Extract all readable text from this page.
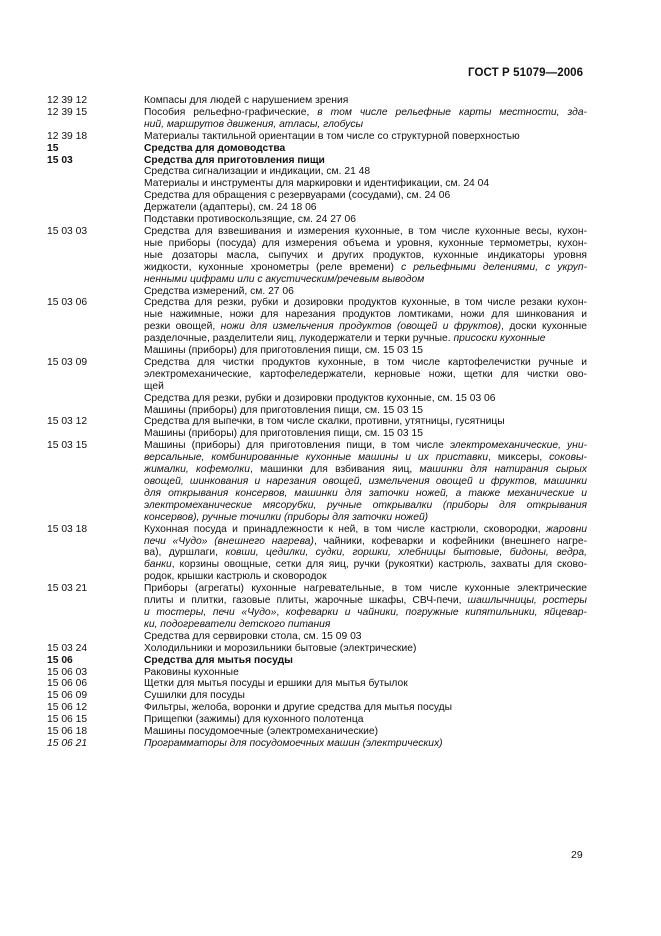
ГОСТ Р 51079—2006
12 39 12	Компасы для людей с нарушением зрения
12 39 15	Пособия рельефно-графические, в том числе рельефные карты местности, зда-
ний, маршрутов движения, атласы, глобусы
12 39 18	Материалы тактильной ориентации в том числе со структурной поверхностью
15	Средства для домоводства
15 03	Средства для приготовления пищи
Средства сигнализации и индикации, см. 21 48
Материалы и инструменты для маркировки и идентификации, см. 24 04
Средства для обращения с резервуарами (сосудами), см. 24 06
Держатели (адаптеры), см. 24 18 06
Подставки противоскользящие, см. 24 27 06
15 03 03	Средства для взвешивания и измерения кухонные, в том числе кухонные весы, кухон-
ные приборы (посуда) для измерения объема и уровня, кухонные термометры, кухон-
ные дозаторы масла, сыпучих и других продуктов, кухонные индикаторы уровня
жидкости, кухонные хронометры (реле времени) с рельефными делениями, с укруп-
ненными цифрами или с акустическим/речевым выводом
Средства измерений, см. 27 06
15 03 06	Средства для резки, рубки и дозировки продуктов кухонные, в том числе резаки кухон-
ные нажимные, ножи для нарезания продуктов ломтиками, ножи для шинкования и
резки овощей, ножи для измельчения продуктов (овощей и фруктов), доски кухонные
разделочные, разделители яиц, лукодержатели и терки ручные. присоски кухонные
Машины (приборы) для приготовления пищи, см. 15 03 15
15 03 09	Средства для чистки продуктов кухонные, в том числе картофелечистки ручные и
электромеханические, картофеледержатели, керновые ножи, щетки для чистки ово-
щей
Средства для резки, рубки и дозировки продуктов кухонные, см. 15 03 06
Машины (приборы) для приготовления пищи, см. 15 03 15
15 03 12	Средства для выпечки, в том числе скалки, противни, утятницы, гусятницы
Машины (приборы) для приготовления пищи, см. 15 03 15
15 03 15	Машины (приборы) для приготовления пищи, в том числе электромеханические, уни-
версальные, комбинированные кухонные машины и их приставки, миксеры, соковы-
жималки, кофемолки, машинки для взбивания яиц, машинки для натирания сырых
овощей, шинкования и нарезания овощей, измельчения овощей и фруктов, машинки
для открывания консервов, машинки для заточки ножей, а также механические и
электромеханические мясорубки, ручные открывалки (приборы для открывания
консервов), ручные точилки (приборы для заточки ножей)
15 03 18	Кухонная посуда и принадлежности к ней, в том числе кастрюли, сковородки, жаровни
печи «Чудо» (внешнего нагрева), чайники, кофеварки и кофейники (внешнего нагре-
ва), дуршлаги, ковши, цедилки, судки, горшки, хлебницы бытовые, бидоны, ведра,
банки, корзины овощные, сетки для яиц, ручки (рукоятки) кастрюль, захваты для сково-
родок, крышки кастрюль и сковородок
15 03 21	Приборы (агрегаты) кухонные нагревательные, в том числе кухонные электрические
плиты и плитки, газовые плиты, жарочные шкафы, СВЧ-печи, шашлычницы, ростеры
и тостеры, печи «Чудо», кофеварки и чайники, погружные кипятильники, яйцевар-
ки, подогреватели детского питания
Средства для сервировки стола, см. 15 09 03
15 03 24	Холодильники и морозильники бытовые (электрические)
15 06	Средства для мытья посуды
15 06 03	Раковины кухонные
15 06 06	Щетки для мытья посуды и ершики для мытья бутылок
15 06 09	Сушилки для посуды
15 06 12	Фильтры, желоба, воронки и другие средства для мытья посуды
15 06 15	Прищепки (зажимы) для кухонного полотенца
15 06 18	Машины посудомоечные (электромеханические)
15 06 21	Программаторы для посудомоечных машин (электрических)
29
